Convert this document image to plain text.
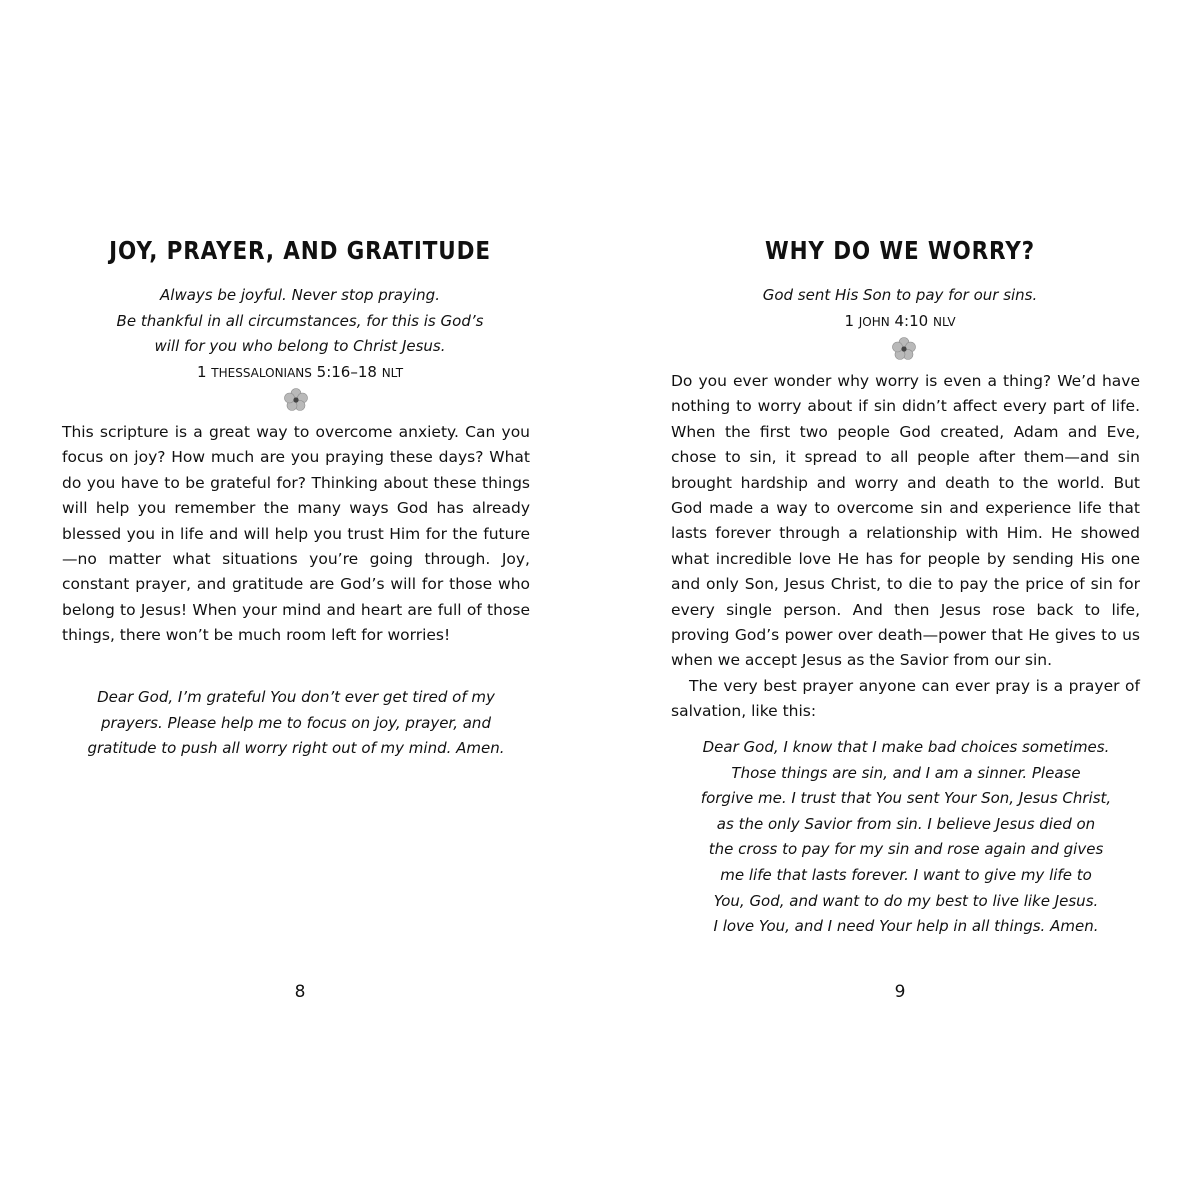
JOY, PRAYER, AND GRATITUDE
Always be joyful. Never stop praying.
Be thankful in all circumstances, for this is God’s
will for you who belong to Christ Jesus.
1 THESSALONIANS 5:16–18 NLT

This scripture is a great way to overcome anxiety. Can you focus on joy? How much are you praying these days? What do you have to be grateful for? Thinking about these things will help you remember the many ways God has already blessed you in life and will help you trust Him for the future—no matter what situations you’re going through. Joy, constant prayer, and gratitude are God’s will for those who belong to Jesus! When your mind and heart are full of those things, there won’t be much room left for worries!

Dear God, I’m grateful You don’t ever get tired of my
prayers. Please help me to focus on joy, prayer, and
gratitude to push all worry right out of my mind. Amen.
8
WHY DO WE WORRY?
God sent His Son to pay for our sins.
1 JOHN 4:10 NLV

Do you ever wonder why worry is even a thing? We’d have nothing to worry about if sin didn’t affect every part of life. When the first two people God created, Adam and Eve, chose to sin, it spread to all people after them—and sin brought hardship and worry and death to the world. But God made a way to overcome sin and experience life that lasts forever through a relationship with Him. He showed what incredible love He has for people by sending His one and only Son, Jesus Christ, to die to pay the price of sin for every single person. And then Jesus rose back to life, proving God’s power over death—power that He gives to us when we accept Jesus as the Savior from our sin.

The very best prayer anyone can ever pray is a prayer of salvation, like this:

Dear God, I know that I make bad choices sometimes.
Those things are sin, and I am a sinner. Please
forgive me. I trust that You sent Your Son, Jesus Christ,
as the only Savior from sin. I believe Jesus died on
the cross to pay for my sin and rose again and gives
me life that lasts forever. I want to give my life to
You, God, and want to do my best to live like Jesus.
I love You, and I need Your help in all things. Amen.
9
